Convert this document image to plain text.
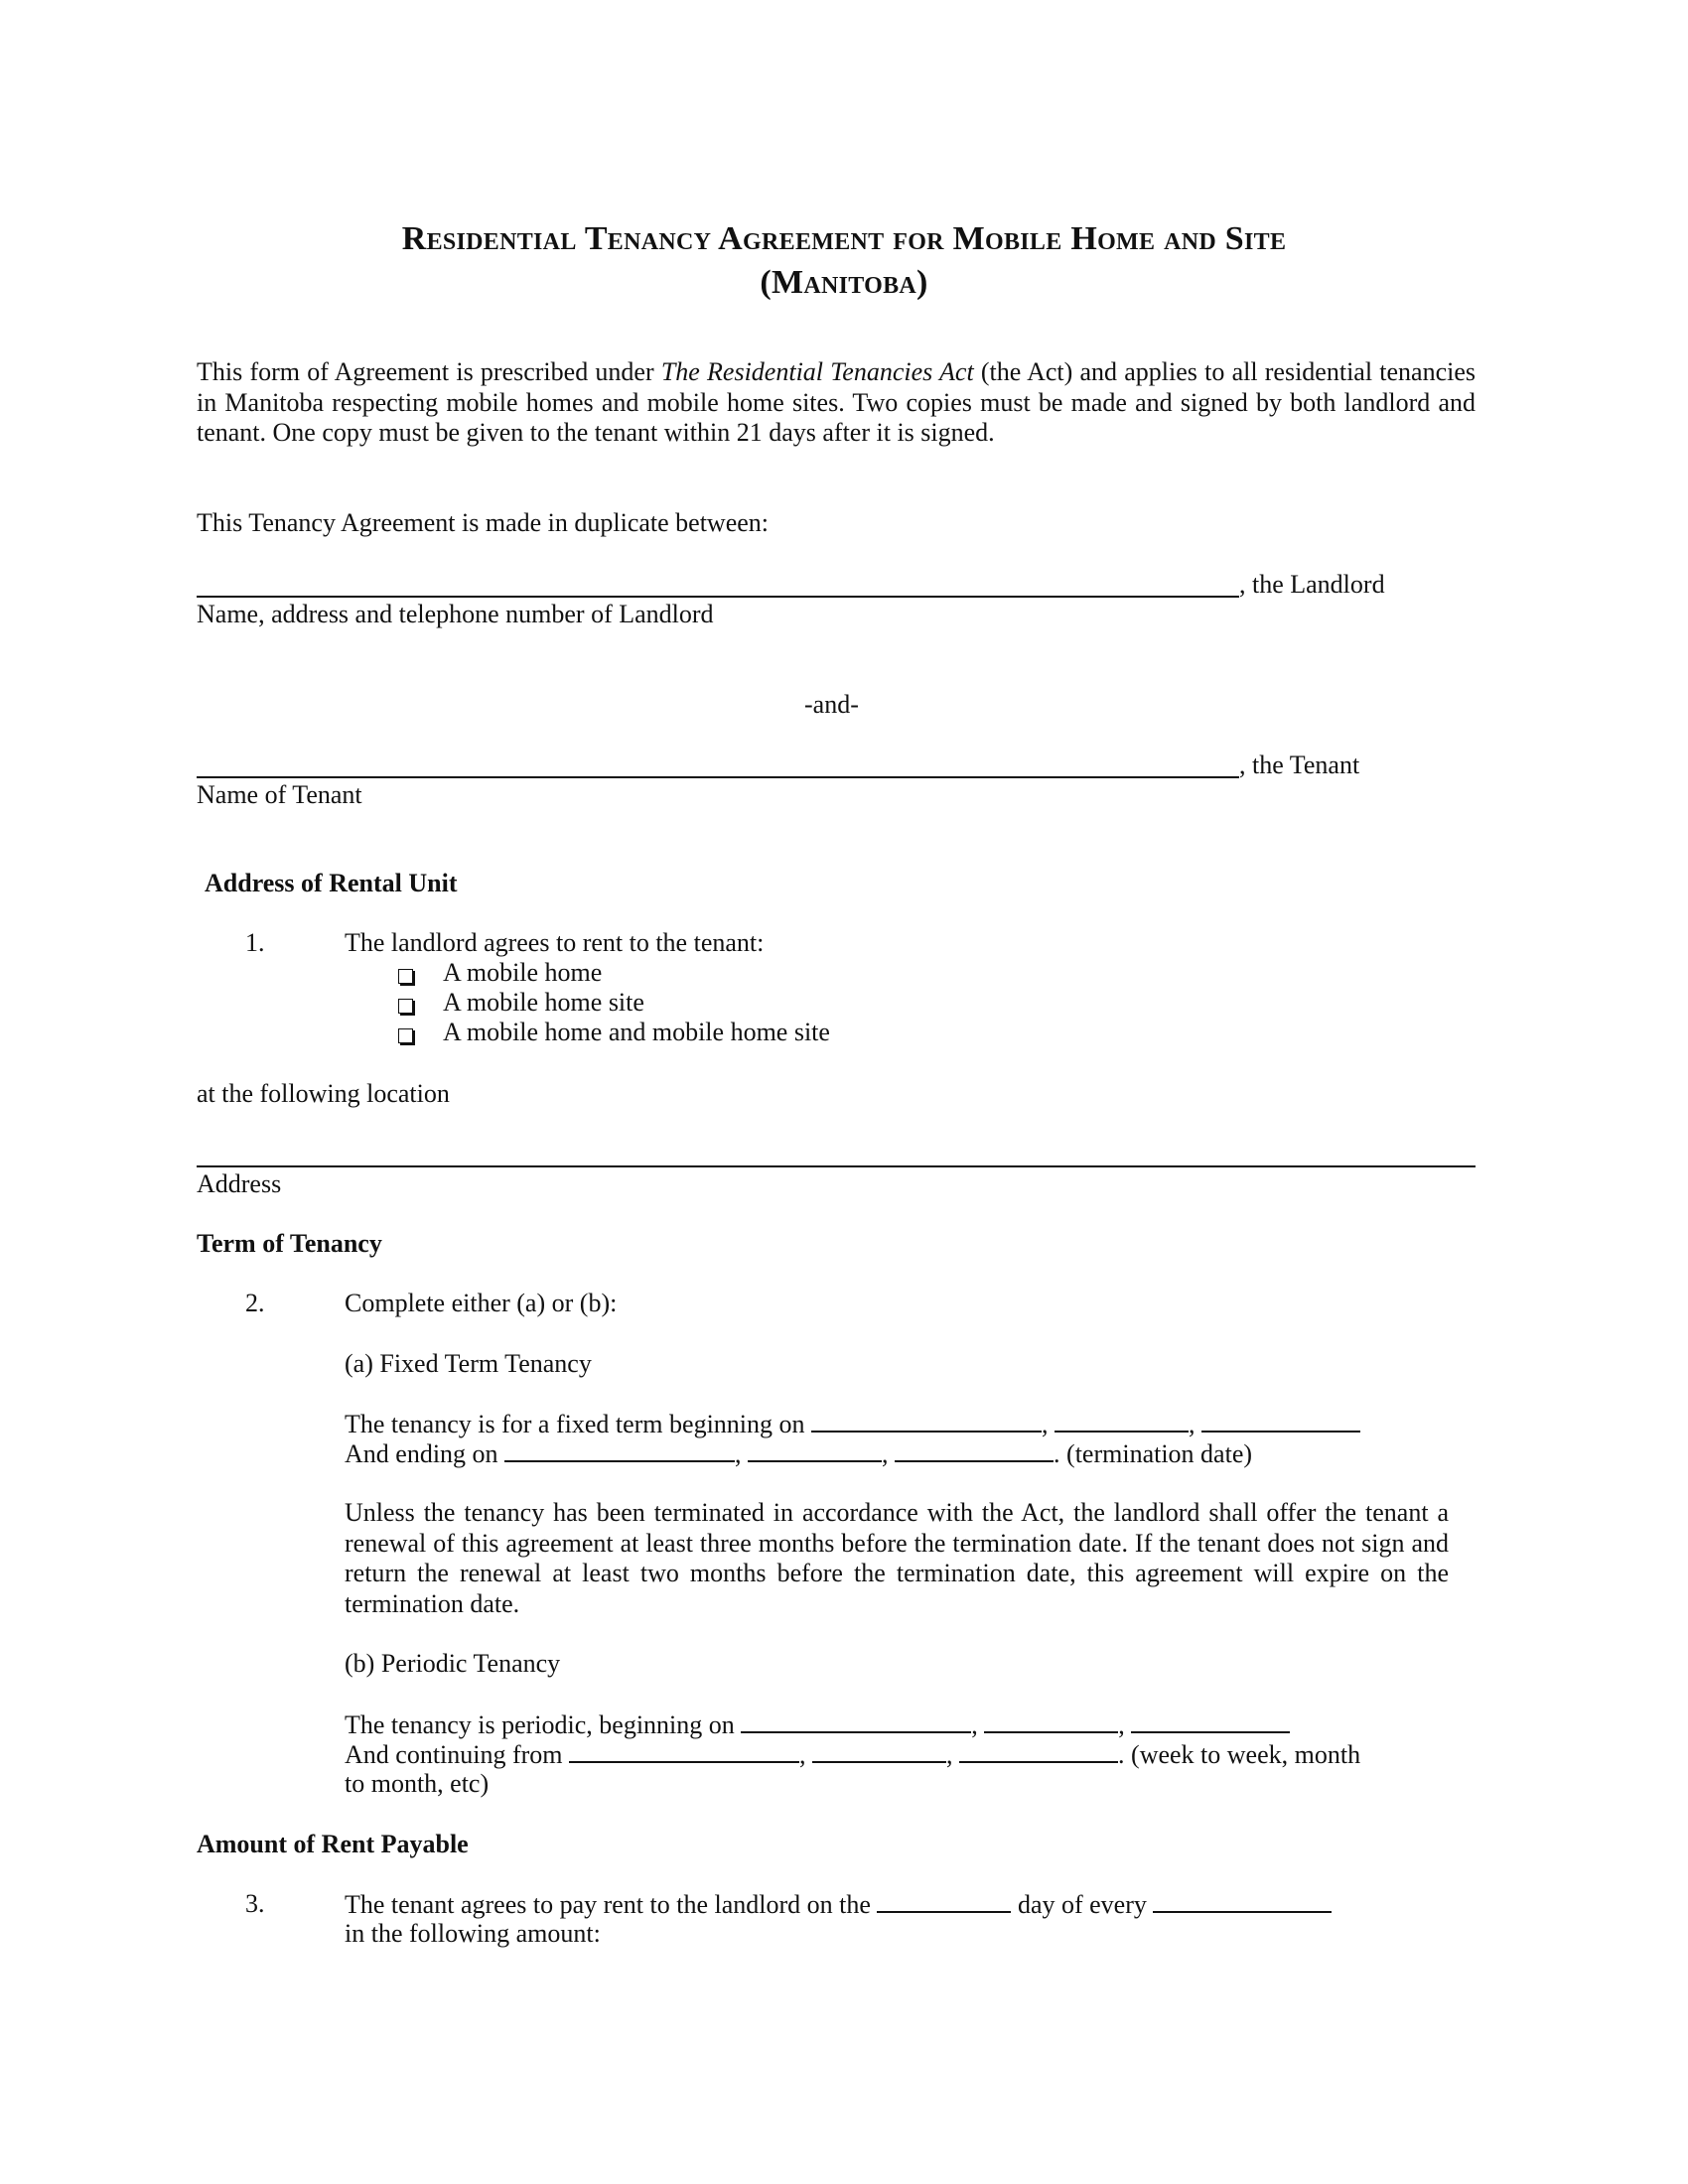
Residential Tenancy Agreement for Mobile Home and Site
(Manitoba)
This form of Agreement is prescribed under The Residential Tenancies Act (the Act) and applies to all residential tenancies in Manitoba respecting mobile homes and mobile home sites. Two copies must be made and signed by both landlord and tenant. One copy must be given to the tenant within 21 days after it is signed.
This Tenancy Agreement is made in duplicate between:
, the Landlord
Name, address and telephone number of Landlord
-and-
, the Tenant
Name of Tenant
Address of Rental Unit
1.	The landlord agrees to rent to the tenant:
A mobile home
A mobile home site
A mobile home and mobile home site
at the following location
Address
Term of Tenancy
2.	Complete either (a) or (b):
(a) Fixed Term Tenancy
The tenancy is for a fixed term beginning on	,	,
And ending on	,	,	. (termination date)
Unless the tenancy has been terminated in accordance with the Act, the landlord shall offer the tenant a renewal of this agreement at least three months before the termination date. If the tenant does not sign and return the renewal at least two months before the termination date, this agreement will expire on the termination date.
(b) Periodic Tenancy
The tenancy is periodic, beginning on	,	,
And continuing from	,	,	. (week to week, month
to month, etc)
Amount of Rent Payable
3.	The tenant agrees to pay rent to the landlord on the	day of every
in the following amount:
